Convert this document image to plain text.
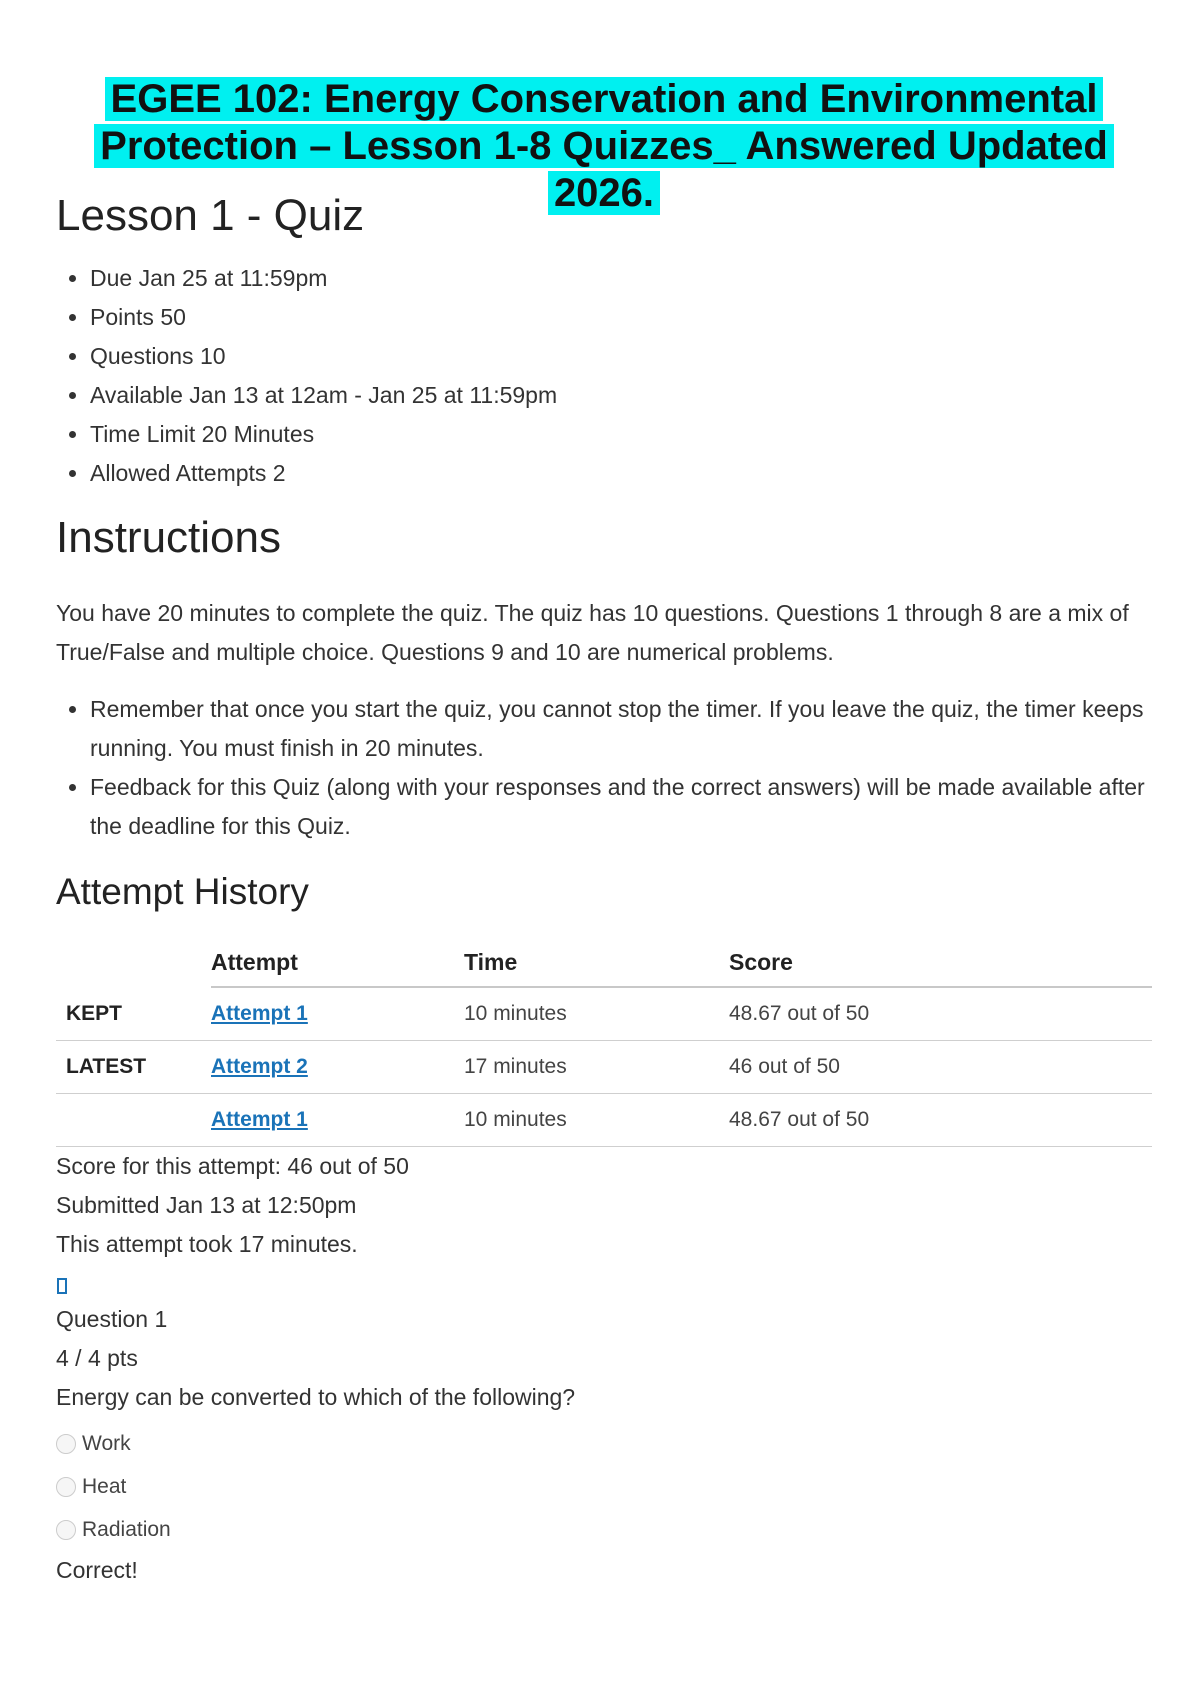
EGEE 102: Energy Conservation and Environmental
Protection – Lesson 1-8 Quizzes_ Answered Updated 2026.
Lesson 1 - Quiz
• Due Jan 25 at 11:59pm
• Points 50
• Questions 10
• Available Jan 13 at 12am - Jan 25 at 11:59pm
• Time Limit 20 Minutes
• Allowed Attempts 2
Instructions

You have 20 minutes to complete the quiz. The quiz has 10 questions. Questions 1 through 8 are a mix of True/False and multiple choice. Questions 9 and 10 are numerical problems.

• Remember that once you start the quiz, you cannot stop the timer. If you leave the quiz, the timer keeps running. You must finish in 20 minutes.
• Feedback for this Quiz (along with your responses and the correct answers) will be made available after the deadline for this Quiz.
Attempt History
	Attempt	Time	Score
KEPT	Attempt 1	10 minutes	48.67 out of 50
LATEST	Attempt 2	17 minutes	46 out of 50
	Attempt 1	10 minutes	48.67 out of 50
Score for this attempt: 46 out of 50
Submitted Jan 13 at 12:50pm
This attempt took 17 minutes.
Question 1
4 / 4 pts
Energy can be converted to which of the following?
Work
Heat
Radiation
Correct!
